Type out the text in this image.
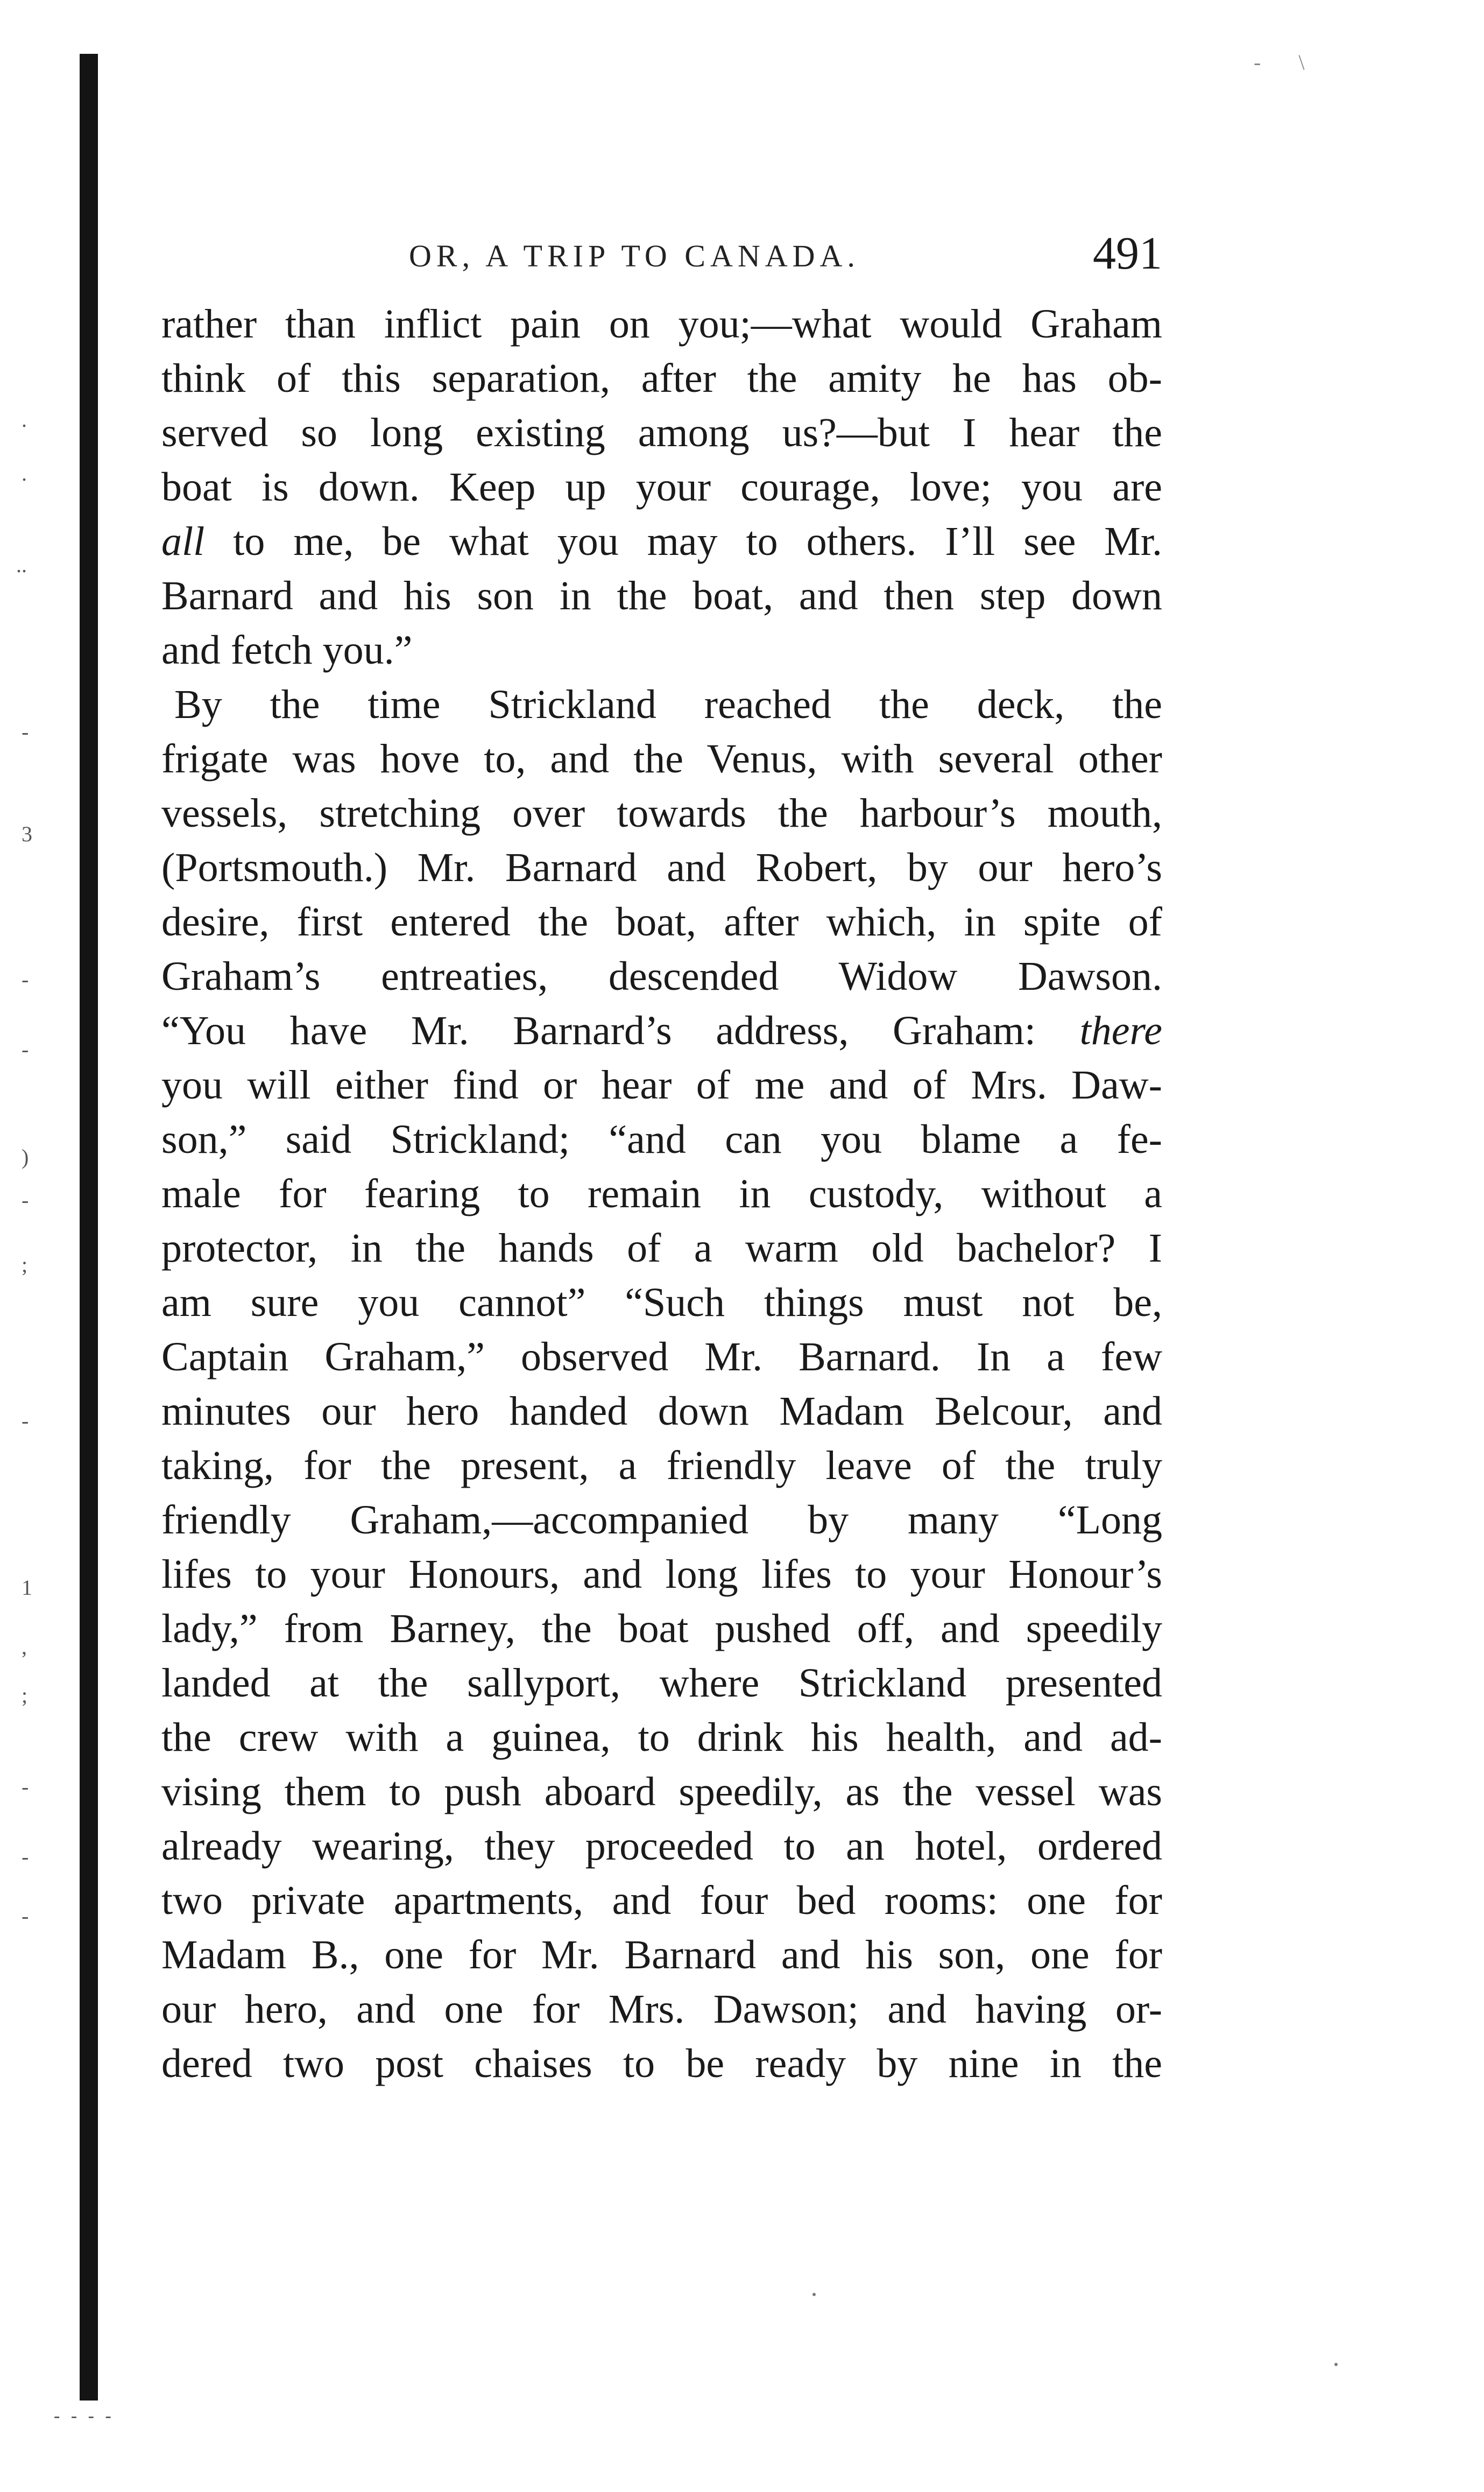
.
.
..
-
3
-
-
)
-
;
-
1
,
;
-
-
-
-       \
OR, A TRIP TO CANADA.	491
rather than inflict pain on you;—what would Graham
think of this separation, after the amity he has ob-
served so long existing among us?—but I hear the
boat is down. Keep up your courage, love; you are
all to me, be what you may to others. I’ll see Mr.
Barnard and his son in the boat, and then step down
and fetch you.”
By the time Strickland reached the deck, the
frigate was hove to, and the Venus, with several other
vessels, stretching over towards the harbour’s mouth,
(Portsmouth.) Mr. Barnard and Robert, by our hero’s
desire, first entered the boat, after which, in spite of
Graham’s entreaties, descended Widow Dawson.
“You have Mr. Barnard’s address, Graham: there
you will either find or hear of me and of Mrs. Daw-
son,” said Strickland; “and can you blame a fe-
male for fearing to remain in custody, without a
protector, in the hands of a warm old bachelor? I
am sure you cannot” “Such things must not be,
Captain Graham,” observed Mr. Barnard. In a few
minutes our hero handed down Madam Belcour, and
taking, for the present, a friendly leave of the truly
friendly Graham,—accompanied by many “Long
lifes to your Honours, and long lifes to your Honour’s
lady,” from Barney, the boat pushed off, and speedily
landed at the sallyport, where Strickland presented
the crew with a guinea, to drink his health, and ad-
vising them to push aboard speedily, as the vessel was
already wearing, they proceeded to an hotel, ordered
two private apartments, and four bed rooms: one for
Madam B., one for Mr. Barnard and his son, one for
our hero, and one for Mrs. Dawson; and having or-
dered two post chaises to be ready by nine in the
- - - -
